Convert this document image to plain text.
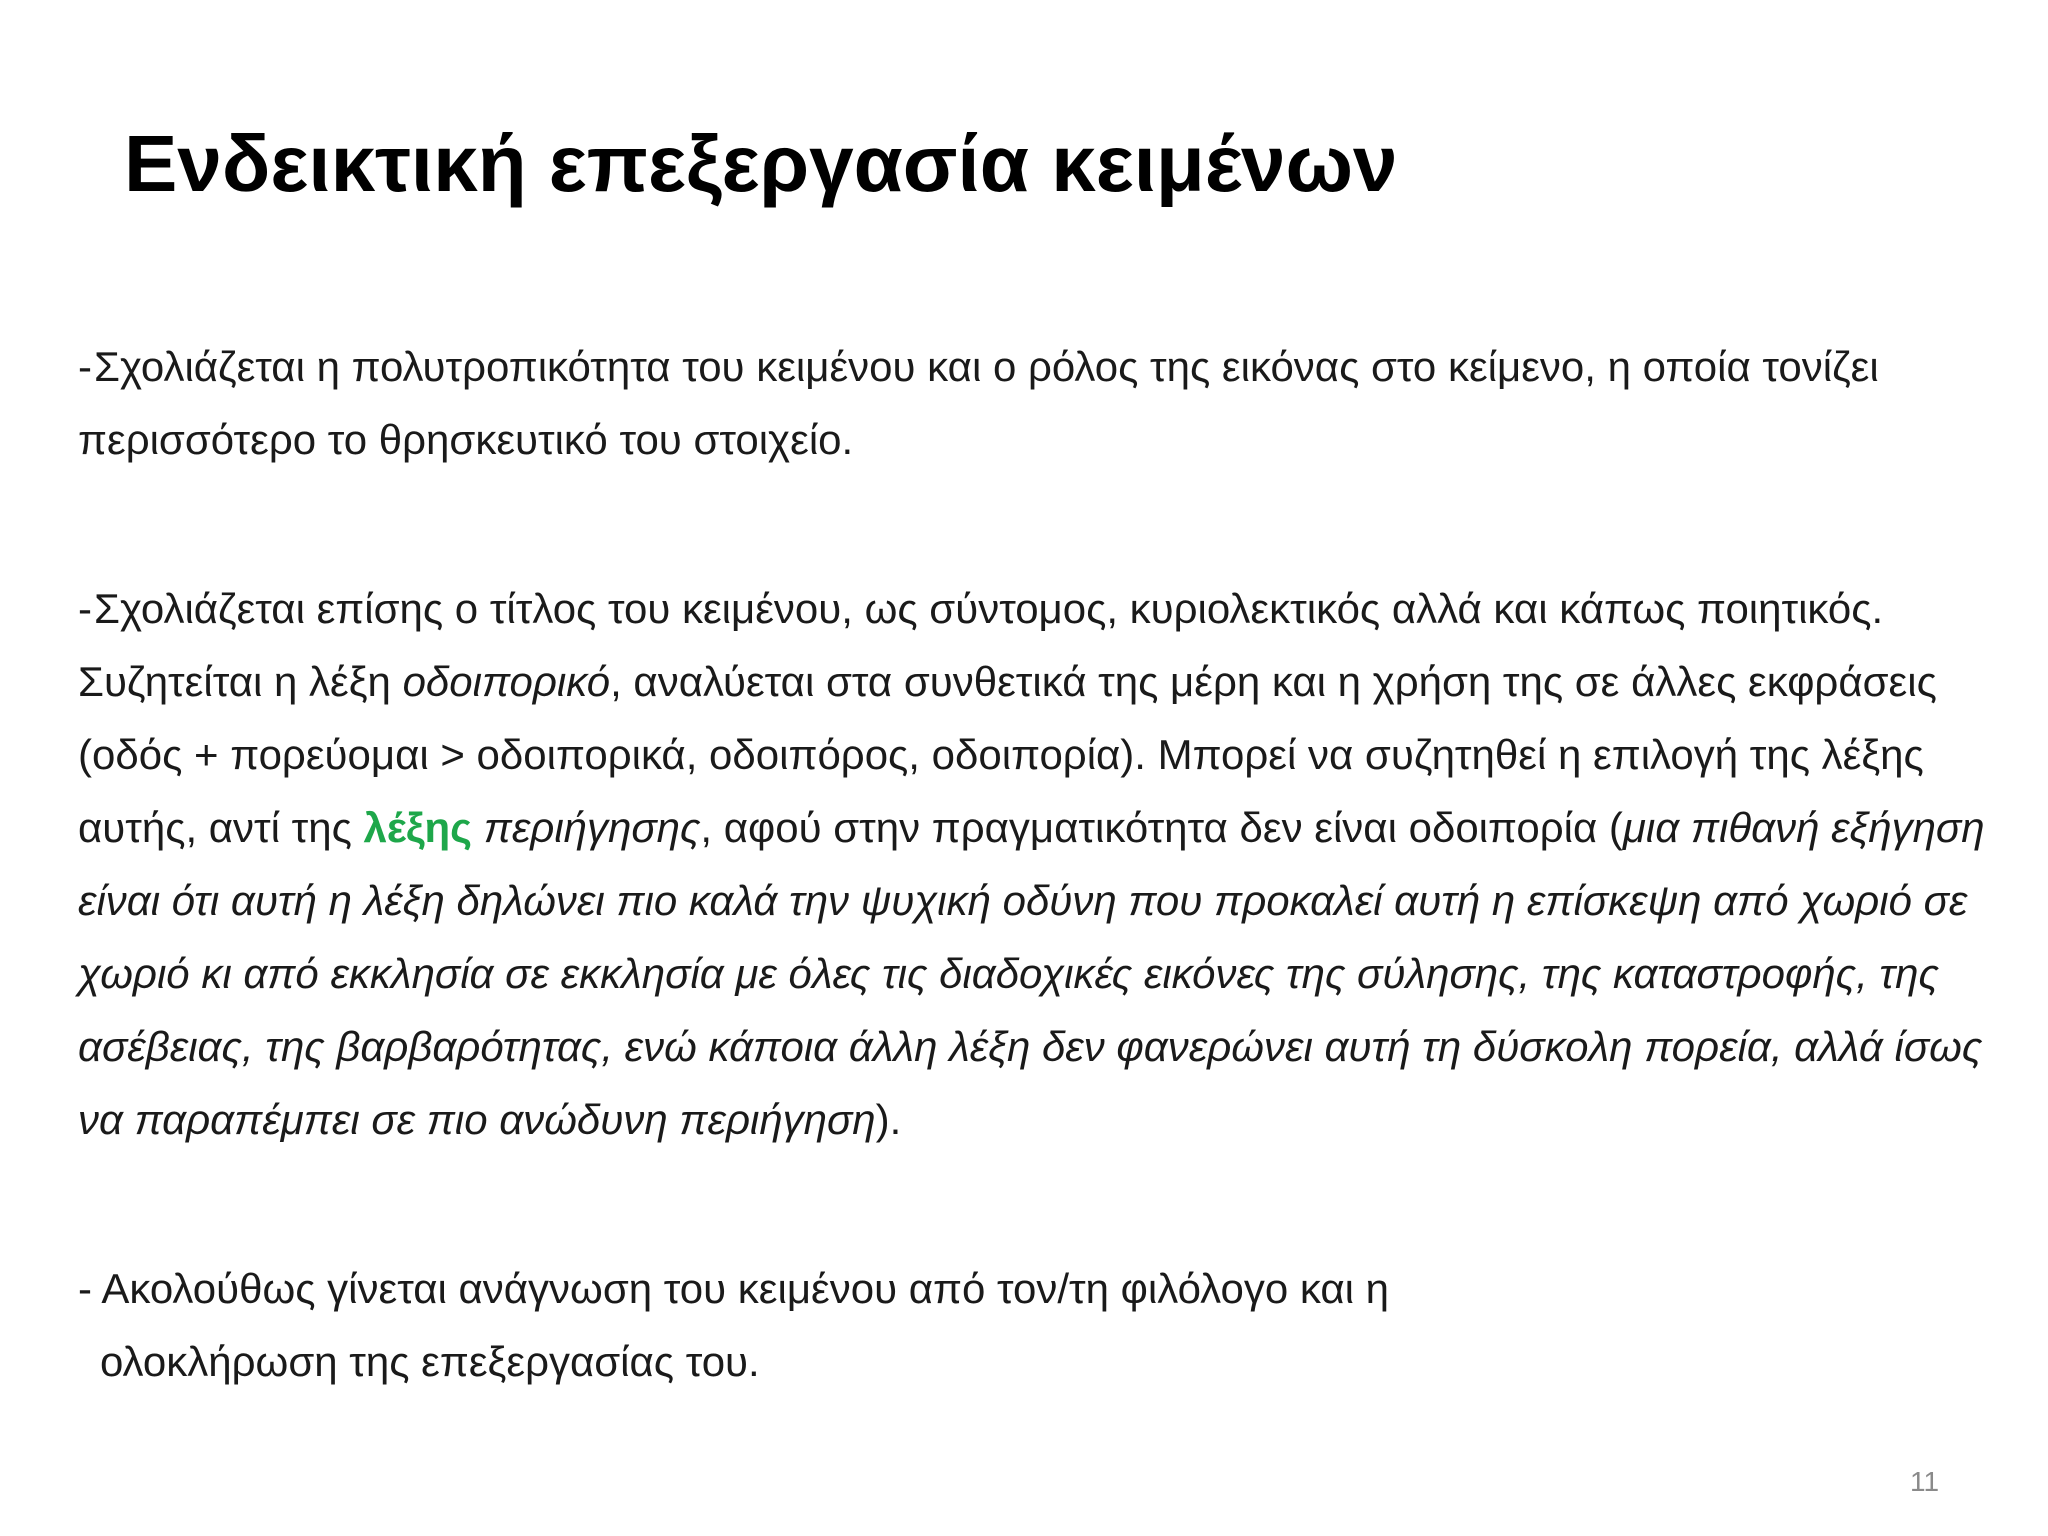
Ενδεικτική επεξεργασία κειμένων

-Σχολιάζεται η πολυτροπικότητα του κειμένου και ο ρόλος της εικόνας στο κείμενο, η οποία τονίζει περισσότερο το θρησκευτικό του στοιχείο.

-Σχολιάζεται επίσης ο τίτλος του κειμένου, ως σύντομος, κυριολεκτικός αλλά και κάπως ποιητικός. Συζητείται η λέξη οδοιπορικό, αναλύεται στα συνθετικά της μέρη και η χρήση της σε άλλες εκφράσεις (οδός + πορεύομαι > οδοιπορικά, οδοιπόρος, οδοιπορία). Μπορεί να συζητηθεί η επιλογή της λέξης αυτής, αντί της λέξης περιήγησης, αφού στην πραγματικότητα δεν είναι οδοιπορία (μια πιθανή εξήγηση είναι ότι αυτή η λέξη δηλώνει πιο καλά την ψυχική οδύνη που προκαλεί αυτή η επίσκεψη από χωριό σε χωριό κι από εκκλησία σε εκκλησία με όλες τις διαδοχικές εικόνες της σύλησης, της καταστροφής, της ασέβειας, της βαρβαρότητας, ενώ κάποια άλλη λέξη δεν φανερώνει αυτή τη δύσκολη πορεία, αλλά ίσως να παραπέμπει σε πιο ανώδυνη περιήγηση).

- Ακολούθως γίνεται ανάγνωση του κειμένου από τον/τη φιλόλογο και η
ολοκλήρωση της επεξεργασίας του.

11
